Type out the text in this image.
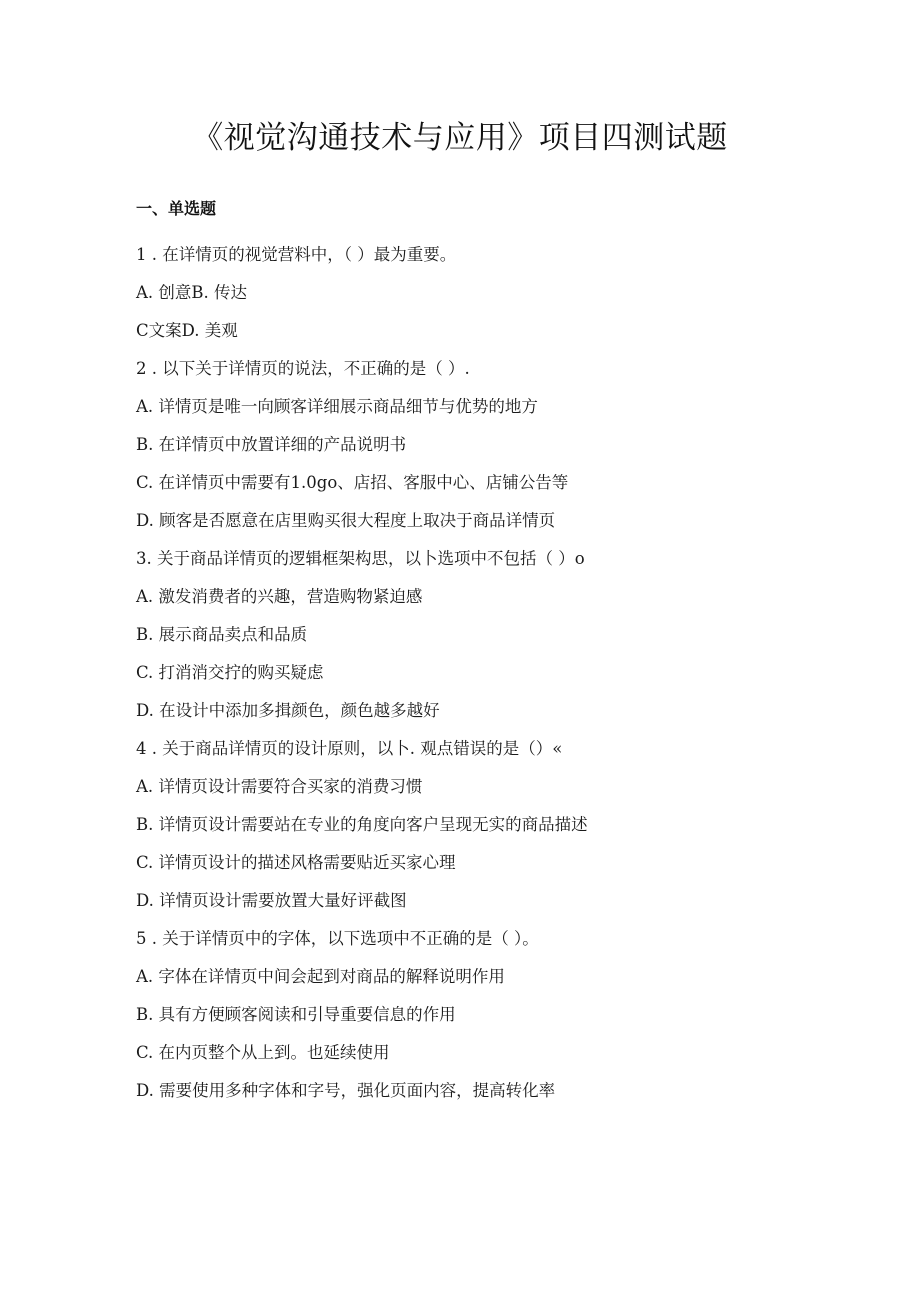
《视觉沟通技术与应用》项目四测试题
一、单选题
1 . 在详情页的视觉营料中，（ ）最为重要。
A. 创意B. 传达
C文案D. 美观
2 . 以下关于详情页的说法，不正确的是（ ）.
A. 详情页是唯一向顾客详细展示商品细节与优势的地方
B. 在详情页中放置详细的产品说明书
C. 在详情页中需要有1.0go、店招、客服中心、店铺公告等
D. 顾客是否愿意在店里购买很大程度上取决于商品详情页
3. 关于商品详情页的逻辑框架构思，以卜选项中不包括（ ）o
A. 激发消费者的兴趣，营造购物紧迫感
B. 展示商品卖点和品质
C. 打消消交拧的购买疑虑
D. 在设计中添加多揖颜色，颜色越多越好
4 . 关于商品详情页的设计原则，以卜. 观点错误的是（）«
A. 详情页设计需要符合买家的消费习惯
B. 详情页设计需要站在专业的角度向客户呈现无实的商品描述
C. 详情页设计的描述风格需要贴近买家心理
D. 详情页设计需要放置大量好评截图
5 . 关于详情页中的字体，以下选项中不正确的是（ ）。
A. 字体在详情页中间会起到对商品的解释说明作用
B. 具有方便顾客阅读和引导重要信息的作用
C. 在内页整个从上到。也延续使用
D. 需要使用多种字体和字号，强化页面内容，提高转化率
